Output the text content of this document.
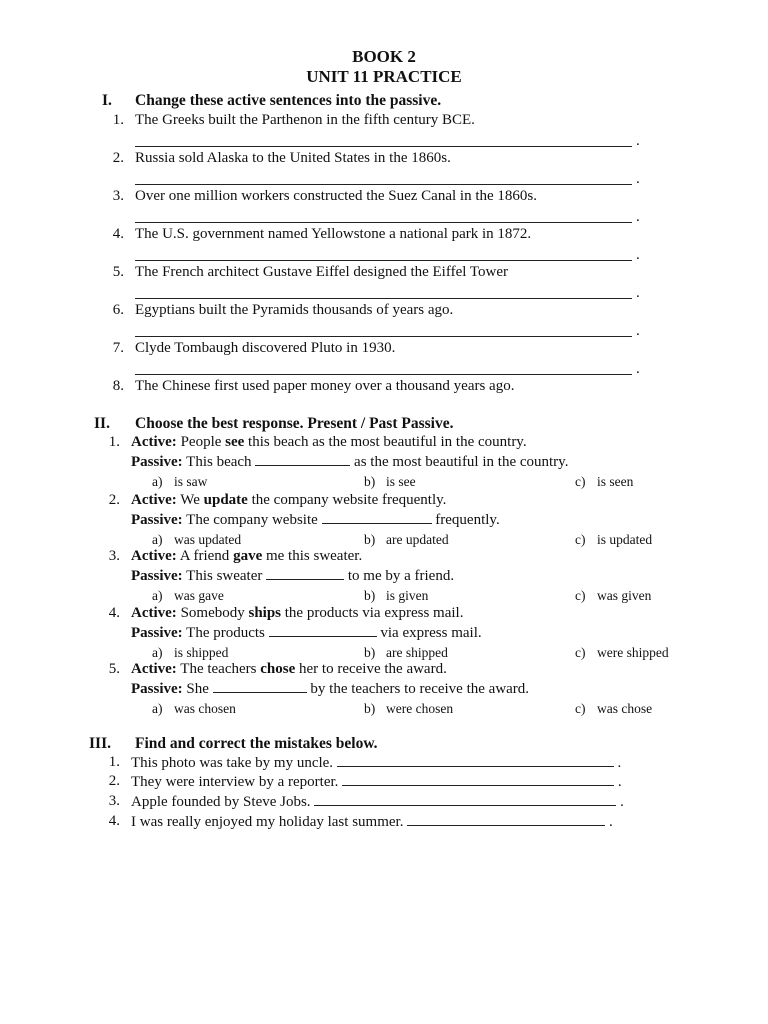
BOOK 2
UNIT 11 PRACTICE
I. Change these active sentences into the passive.
1. The Greeks built the Parthenon in the fifth century BCE.
.
2. Russia sold Alaska to the United States in the 1860s.
.
3. Over one million workers constructed the Suez Canal in the 1860s.
.
4. The U.S. government named Yellowstone a national park in 1872.
.
5. The French architect Gustave Eiffel designed the Eiffel Tower
.
6. Egyptians built the Pyramids thousands of years ago.
.
7. Clyde Tombaugh discovered Pluto in 1930.
.
8. The Chinese first used paper money over a thousand years ago.
II. Choose the best response. Present / Past Passive.
1. Active: People see this beach as the most beautiful in the country.
Passive: This beach	as the most beautiful in the country.
a) is saw	b) is see	c) is seen
2. Active: We update the company website frequently.
Passive: The company website	frequently.
a) was updated	b) are updated	c) is updated
3. Active: A friend gave me this sweater.
Passive: This sweater	to me by a friend.
a) was gave	b) is given	c) was given
4. Active: Somebody ships the products via express mail.
Passive: The products	via express mail.
a) is shipped	b) are shipped	c) were shipped
5. Active: The teachers chose her to receive the award.
Passive: She	by the teachers to receive the award.
a) was chosen	b) were chosen	c) was chose
III. Find and correct the mistakes below.
1. This photo was take by my uncle.	.
2. They were interview by a reporter.	.
3. Apple founded by Steve Jobs.	.
4. I was really enjoyed my holiday last summer.	.
